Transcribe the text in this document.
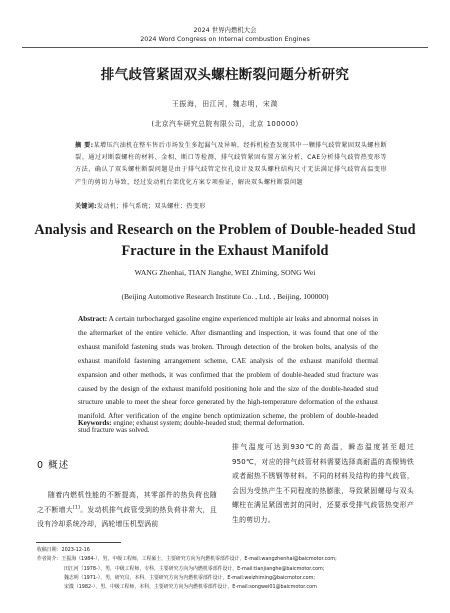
2024 世界内燃机大会
2024 Word Congress on Internal combustion Engines
排气歧管紧固双头螺柱断裂问题分析研究
王振海，田江河，魏志明，宋溦
(北京汽车研究总院有限公司，北京 100000)
摘 要:某增压汽油机在整车售后市场发生多起漏气及异响，经拆机检查发现其中一颗排气歧管紧固双头螺柱断裂。通过对断裂螺柱的材料、金相、断口等检测、排气歧管紧固布置方案分析、CAE分析排气歧管热变形等方法，确认了双头螺柱断裂问题是由于排气歧管定位孔设计及双头螺柱结构尺寸无法满足排气歧管高温变形产生的剪切力导致，经过发动机台架优化方案专项验证，解决双头螺柱断裂问题
关键词:发动机；排气系统；双头螺柱；热变形
Analysis and Research on the Problem of Double-headed Stud
Fracture in the Exhaust Manifold
WANG Zhenhai, TIAN Jianghe, WEI Zhiming, SONG Wei
(Beijing Automotive Research Institute Co. , Ltd. , Beijing, 100000)
Abstract: A certain turbocharged gasoline engine experienced multiple air leaks and abnormal noises in the aftermarket of the entire vehicle. After dismantling and inspection, it was found that one of the exhaust manifold fastening studs was broken. Through detection of the broken bolts, analysis of the exhaust manifold fastening arrangement scheme, CAE analysis of the exhaust manifold thermal expansion and other methods, it was confirmed that the problem of double-headed stud fracture was caused by the design of the exhaust manifold positioning hole and the size of the double-headed stud structure unable to meet the shear force generated by the high-temperature deformation of the exhaust manifold. After verification of the engine bench optimization scheme, the problem of double-headed stud fracture was solved.
Keywords: engine; exhaust system; double-headed stud; thermal deformation.
0 概述

  随着内燃机性能的不断提高，其零部件的热负荷也随之不断增大[1]。发动机排气歧管受到的热负荷非常大，且没有冷却系统冷却，涡轮增压机型涡前

排气温度可达到930℃的高温，瞬态温度甚至超过950℃，对应的排气歧管材料需要选择高耐温的高镍铸铁或者耐热不锈钢等材料。不同的材料及结构的排气歧管，会因为受热产生不同程度的热膨胀，导致紧固螺母与双头螺柱在满足紧固密封的同时，还要承受排气歧管热变形产生的剪切力。

收稿日期：2023-12-16
作者简介：王振海（1984-），男，中级工程师，工程硕士，主要研究方向为内燃机零部件设计，E-mail:wangzhenhai@baicmotor.com;
田江河（1978-），男，中级工程师，专科，主要研究方向为内燃机零部件设计，E-mail:tianjianghe@baicmotor.com;
魏志明（1971-），男，研究员，本科，主要研究方向为内燃机零部件设计，E-mail:weizhiming@baicmotor.com;
宋溦（1982-），男，中级工程师，本科，主要研究方向为内燃机零部件设计，E-mail:songwei01@baicmotor.com
